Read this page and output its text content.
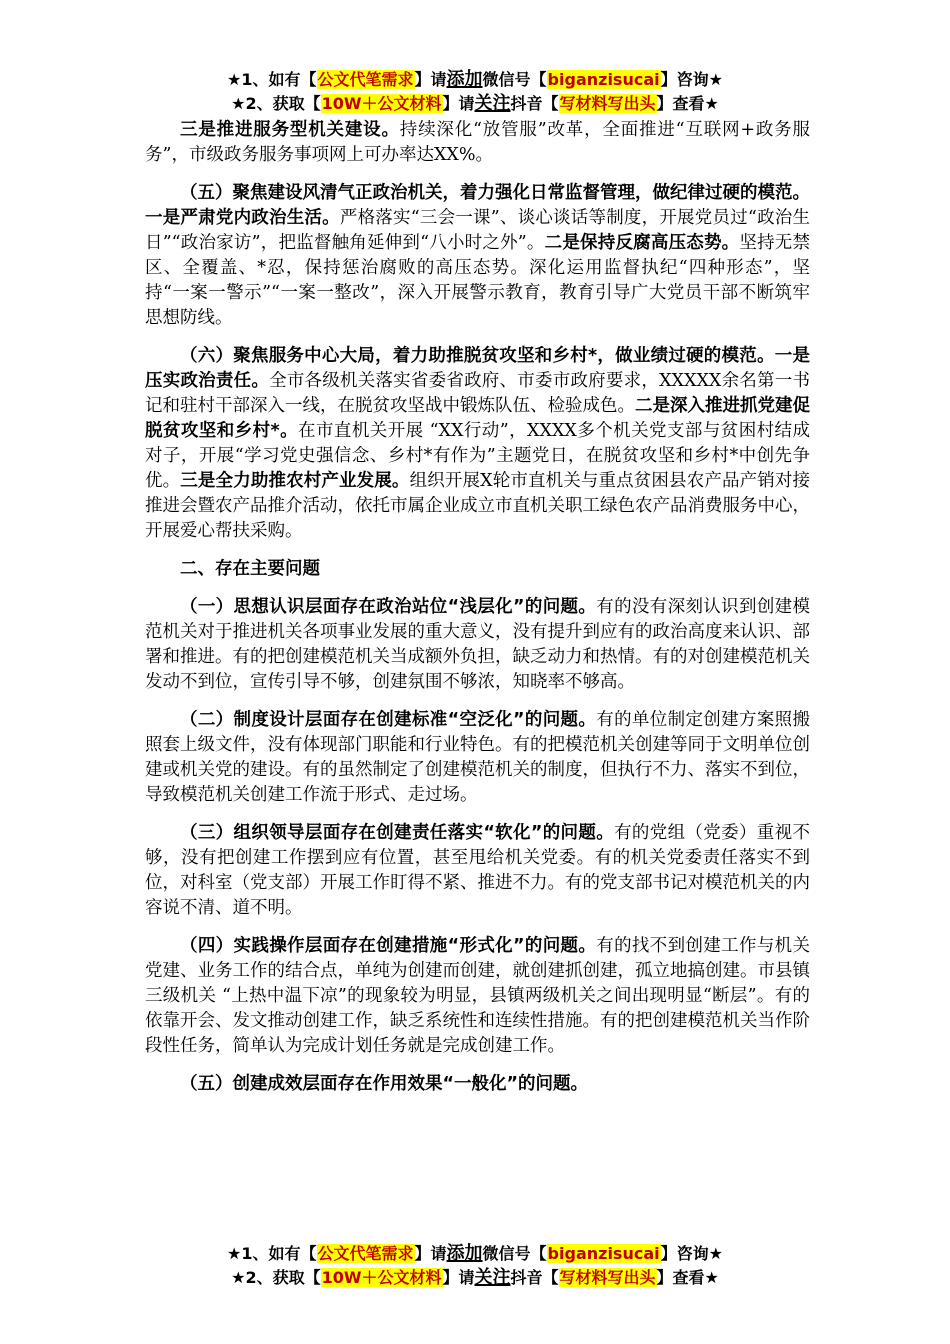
★1、如有【公文代笔需求】请添加微信号【biganzisucai】咨询★
★2、获取【10W＋公文材料】请关注抖音【写材料写出头】查看★

三是推进服务型机关建设。持续深化“放管服”改革，全面推进“互联网+政务服务”，市级政务服务事项网上可办率达XX%。

（五）聚焦建设风清气正政治机关，着力强化日常监督管理，做纪律过硬的模范。一是严肃党内政治生活。严格落实“三会一课”、谈心谈话等制度，开展党员过“政治生日”“政治家访”，把监督触角延伸到“八小时之外”。二是保持反腐高压态势。坚持无禁区、全覆盖、*忍，保持惩治腐败的高压态势。深化运用监督执纪“四种形态”，坚持“一案一警示”“一案一整改”，深入开展警示教育，教育引导广大党员干部不断筑牢思想防线。

（六）聚焦服务中心大局，着力助推脱贫攻坚和乡村*，做业绩过硬的模范。一是压实政治责任。全市各级机关落实省委省政府、市委市政府要求，XXXXX余名第一书记和驻村干部深入一线，在脱贫攻坚战中锻炼队伍、检验成色。二是深入推进抓党建促脱贫攻坚和乡村*。在市直机关开展 “XX行动”，XXXX多个机关党支部与贫困村结成对子，开展“学习党史强信念、乡村*有作为”主题党日，在脱贫攻坚和乡村*中创先争优。三是全力助推农村产业发展。组织开展X轮市直机关与重点贫困县农产品产销对接推进会暨农产品推介活动，依托市属企业成立市直机关职工绿色农产品消费服务中心，开展爱心帮扶采购。

二、存在主要问题

（一）思想认识层面存在政治站位“浅层化”的问题。有的没有深刻认识到创建模范机关对于推进机关各项事业发展的重大意义，没有提升到应有的政治高度来认识、部署和推进。有的把创建模范机关当成额外负担，缺乏动力和热情。有的对创建模范机关发动不到位，宣传引导不够，创建氛围不够浓，知晓率不够高。

（二）制度设计层面存在创建标准“空泛化”的问题。有的单位制定创建方案照搬照套上级文件，没有体现部门职能和行业特色。有的把模范机关创建等同于文明单位创建或机关党的建设。有的虽然制定了创建模范机关的制度，但执行不力、落实不到位，导致模范机关创建工作流于形式、走过场。

（三）组织领导层面存在创建责任落实“软化”的问题。有的党组（党委）重视不够，没有把创建工作摆到应有位置，甚至甩给机关党委。有的机关党委责任落实不到位，对科室（党支部）开展工作盯得不紧、推进不力。有的党支部书记对模范机关的内容说不清、道不明。

（四）实践操作层面存在创建措施“形式化”的问题。有的找不到创建工作与机关党建、业务工作的结合点，单纯为创建而创建，就创建抓创建，孤立地搞创建。市县镇三级机关 “上热中温下凉”的现象较为明显，县镇两级机关之间出现明显“断层”。有的依靠开会、发文推动创建工作，缺乏系统性和连续性措施。有的把创建模范机关当作阶段性任务，简单认为完成计划任务就是完成创建工作。

（五）创建成效层面存在作用效果“一般化”的问题。

★1、如有【公文代笔需求】请添加微信号【biganzisucai】咨询★
★2、获取【10W＋公文材料】请关注抖音【写材料写出头】查看★
